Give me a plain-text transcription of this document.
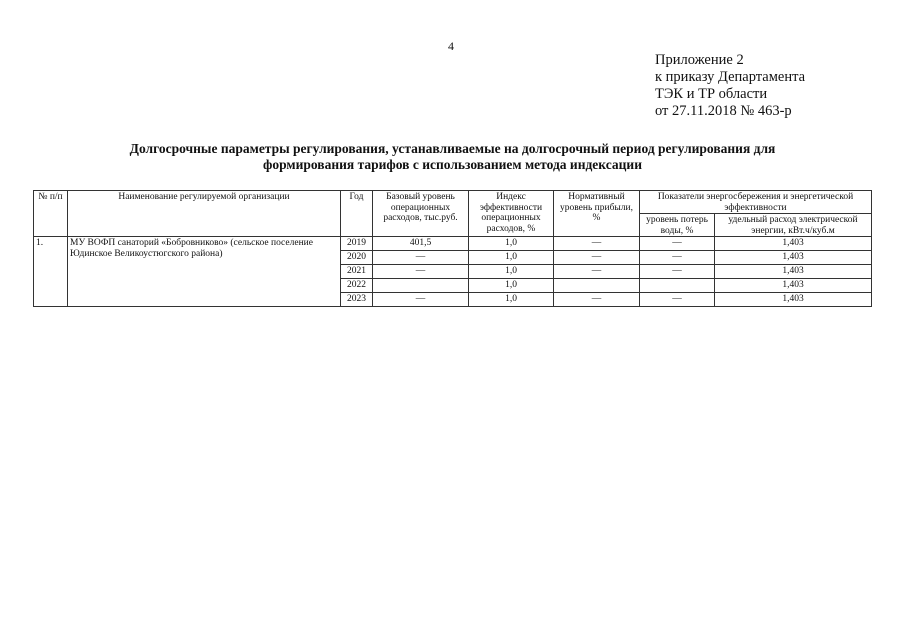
4
Приложение 2
к приказу Департамента
ТЭК и ТР области
от 27.11.2018 № 463-р
Долгосрочные параметры регулирования, устанавливаемые на долгосрочный период регулирования для
формирования тарифов с использованием метода индексации
№ п/п	Наименование регулируемой организации	Год	Базовый уровень операционных расходов, тыс.руб.	Индекс эффективности операционных расходов, %	Нормативный уровень прибыли, %	Показатели энергосбережения и энергетической эффективности	
						уровень потерь воды, %	удельный расход электрической энергии, кВт.ч/куб.м
1.	МУ ВОФП санаторий «Бобровниково» (сельское поселение Юдинское Великоустюгского района)	2019	401,5	1,0	—	—	1,403
		2020	—	1,0	—	—	1,403
		2021	—	1,0	—	—	1,403
		2022		1,0			1,403
		2023	—	1,0	—	—	1,403
